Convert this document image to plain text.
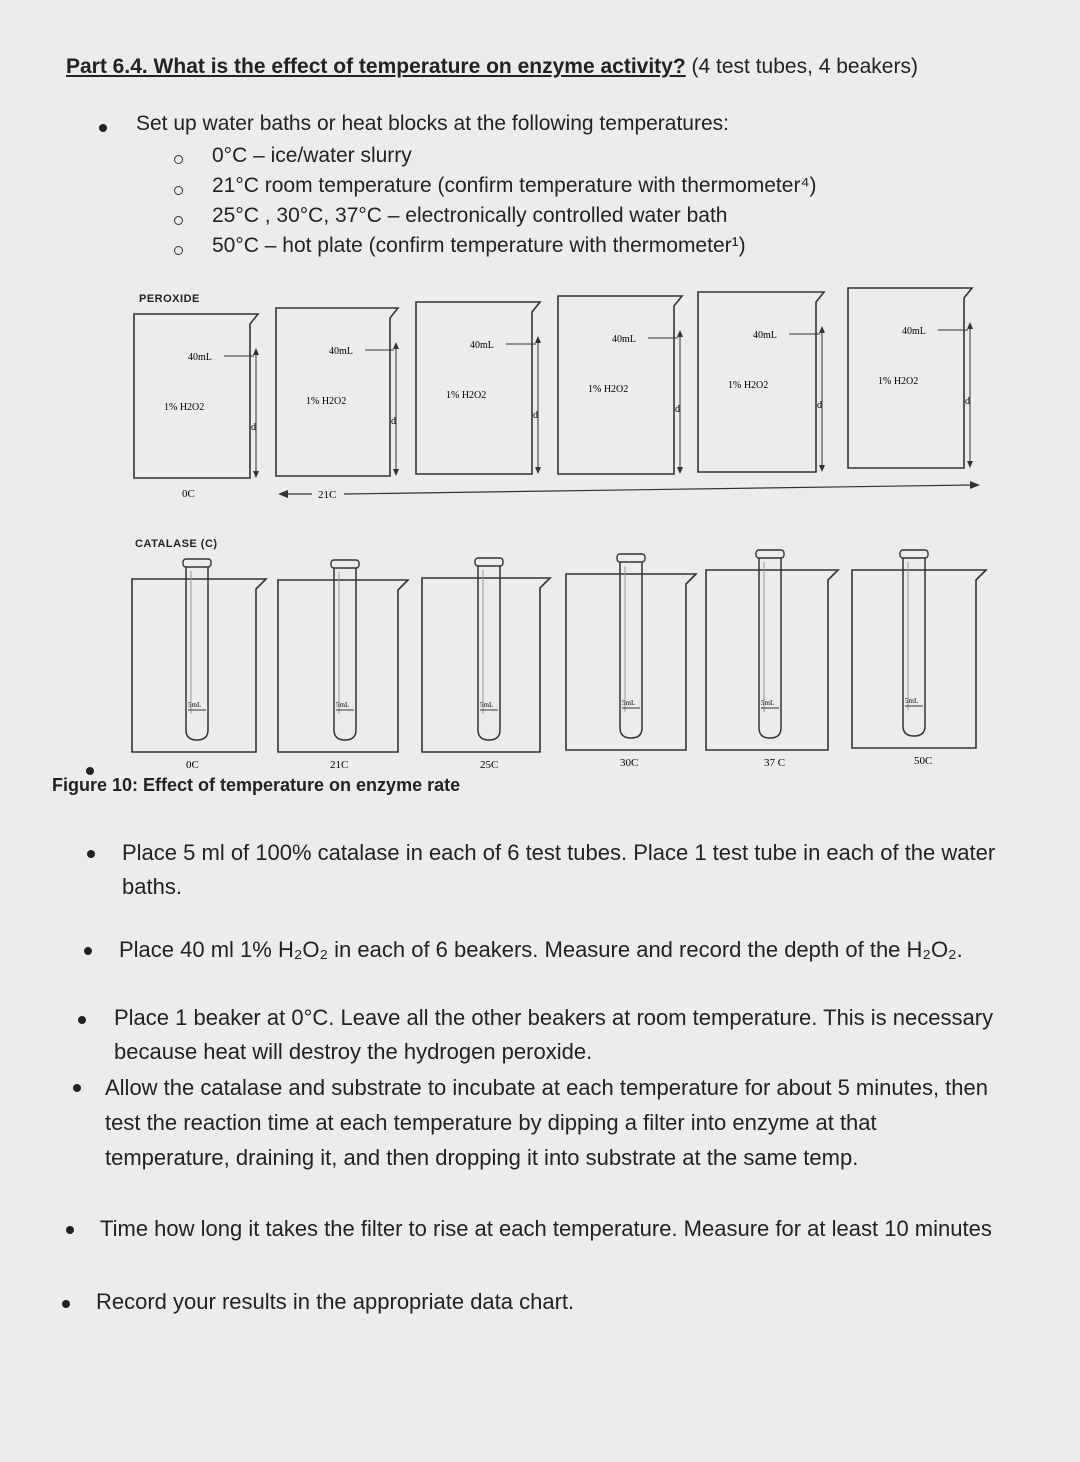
Part 6.4. What is the effect of temperature on enzyme activity? (4 test tubes, 4 beakers)
Set up water baths or heat blocks at the following temperatures:
0°C – ice/water slurry
21°C room temperature (confirm temperature with thermometer⁴)
25°C , 30°C, 37°C – electronically controlled water bath
50°C – hot plate (confirm temperature with thermometer¹)
PEROXIDE
CATALASE (C)
40mL
d
1% H2O2
40mL
d
1% H2O2
40mL
d
1% H2O2
40mL
d
1% H2O2
40mL
d
1% H2O2
40mL
d
1% H2O2
5mL
0C
5mL
21C
5mL
25C
5mL
30C
5mL
37 C
5mL
50C
0C	21C
Figure 10: Effect of temperature on enzyme rate
Place 5 ml of 100% catalase in each of 6 test tubes. Place 1 test tube in each of the water baths.
Place 40 ml 1% H₂O₂ in each of 6 beakers. Measure and record the depth of the H₂O₂.
Place 1 beaker at 0°C. Leave all the other beakers at room temperature. This is necessary because heat will destroy the hydrogen peroxide.
Allow the catalase and substrate to incubate at each temperature for about 5 minutes, then test the reaction time at each temperature by dipping a filter into enzyme at that temperature, draining it, and then dropping it into substrate at the same temp.
Time how long it takes the filter to rise at each temperature. Measure for at least 10 minutes
Record your results in the appropriate data chart.
